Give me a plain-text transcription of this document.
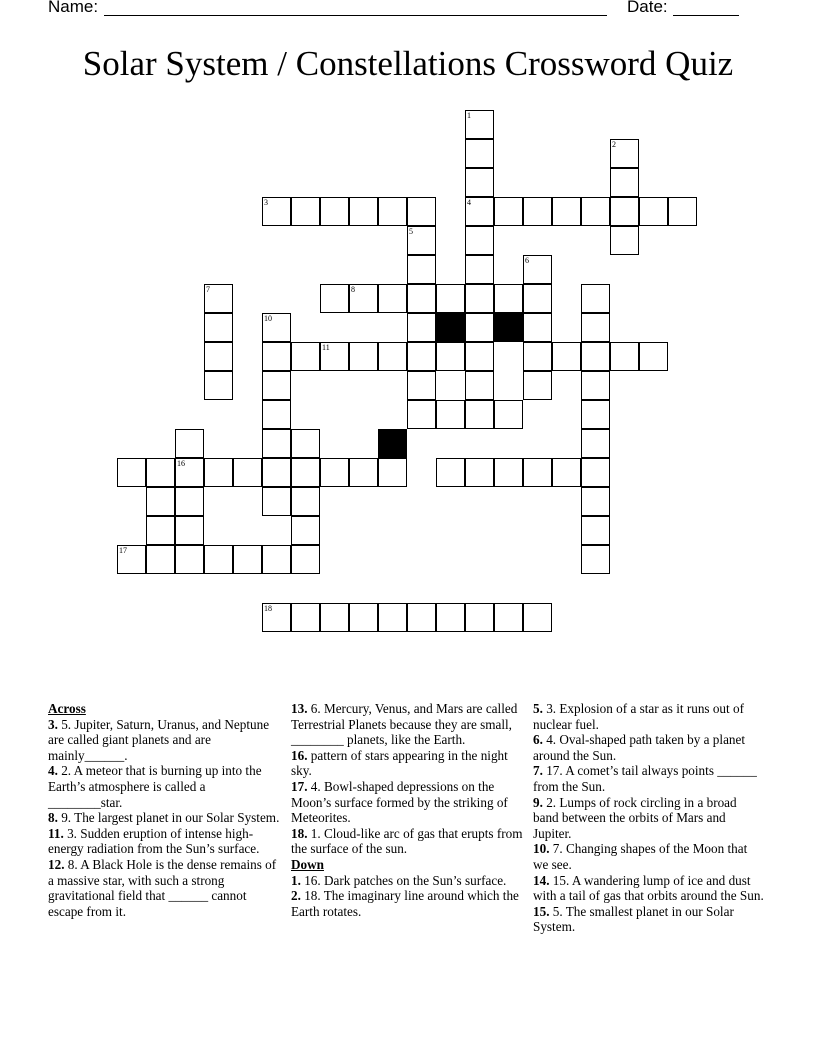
Name:	Date:
Solar System / Constellations Crossword Quiz
1
4
2
3
5
6
7	8
10
11
16
17
18
Across
3. 5. Jupiter, Saturn, Uranus, and Neptune are called giant planets and are mainly______.
4. 2. A meteor that is burning up into the Earth’s atmosphere is called a ________star.
8. 9. The largest planet in our Solar System.
11. 3. Sudden eruption of intense high-energy radiation from the Sun’s surface.
12. 8. A Black Hole is the dense remains of a massive star, with such a strong gravitational field that ______ cannot escape from it.
13. 6. Mercury, Venus, and Mars are called Terrestrial Planets because they are small, ________ planets, like the Earth.
16. pattern of stars appearing in the night sky.
17. 4. Bowl-shaped depressions on the Moon’s surface formed by the striking of Meteorites.
18. 1. Cloud-like arc of gas that erupts from the surface of the sun.
Down
1. 16. Dark patches on the Sun’s surface.
2. 18. The imaginary line around which the Earth rotates.
5. 3. Explosion of a star as it runs out of nuclear fuel.
6. 4. Oval-shaped path taken by a planet around the Sun.
7. 17. A comet’s tail always points ______ from the Sun.
9. 2. Lumps of rock circling in a broad band between the orbits of Mars and Jupiter.
10. 7. Changing shapes of the Moon that we see.
14. 15. A wandering lump of ice and dust with a tail of gas that orbits around the Sun.
15. 5. The smallest planet in our Solar System.
